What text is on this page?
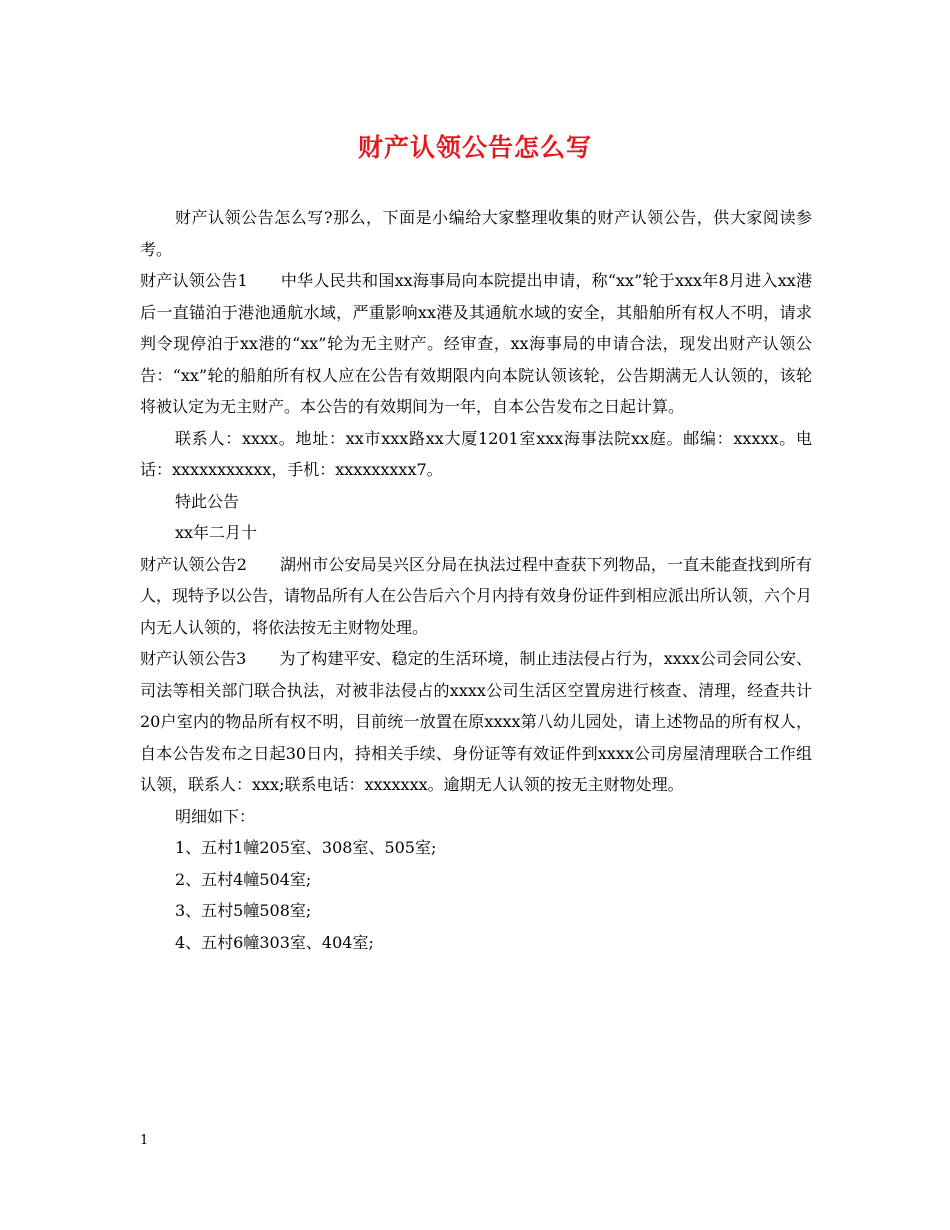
财产认领公告怎么写

财产认领公告怎么写?那么，下面是小编给大家整理收集的财产认领公告，供大家阅读参考。

财产认领公告1 中华人民共和国xx海事局向本院提出申请，称“xx”轮于xxx年8月进入xx港后一直锚泊于港池通航水域，严重影响xx港及其通航水域的安全，其船舶所有权人不明，请求判令现停泊于xx港的“xx”轮为无主财产。经审查，xx海事局的申请合法，现发出财产认领公告：“xx”轮的船舶所有权人应在公告有效期限内向本院认领该轮，公告期满无人认领的，该轮将被认定为无主财产。本公告的有效期间为一年，自本公告发布之日起计算。

联系人：xxxx。地址：xx市xxx路xx大厦1201室xxx海事法院xx庭。邮编：xxxxx。电话：xxxxxxxxxxx，手机：xxxxxxxxx7。

特此公告

xx年二月十

财产认领公告2 湖州市公安局吴兴区分局在执法过程中查获下列物品，一直未能查找到所有人，现特予以公告，请物品所有人在公告后六个月内持有效身份证件到相应派出所认领，六个月内无人认领的，将依法按无主财物处理。

财产认领公告3 为了构建平安、稳定的生活环境，制止违法侵占行为，xxxx公司会同公安、司法等相关部门联合执法，对被非法侵占的xxxx公司生活区空置房进行核查、清理，经查共计20户室内的物品所有权不明，目前统一放置在原xxxx第八幼儿园处，请上述物品的所有权人，自本公告发布之日起30日内，持相关手续、身份证等有效证件到xxxx公司房屋清理联合工作组认领，联系人：xxx;联系电话：xxxxxxx。逾期无人认领的按无主财物处理。

明细如下：

1、五村1幢205室、308室、505室;

2、五村4幢504室;

3、五村5幢508室;

4、五村6幢303室、404室;

1
